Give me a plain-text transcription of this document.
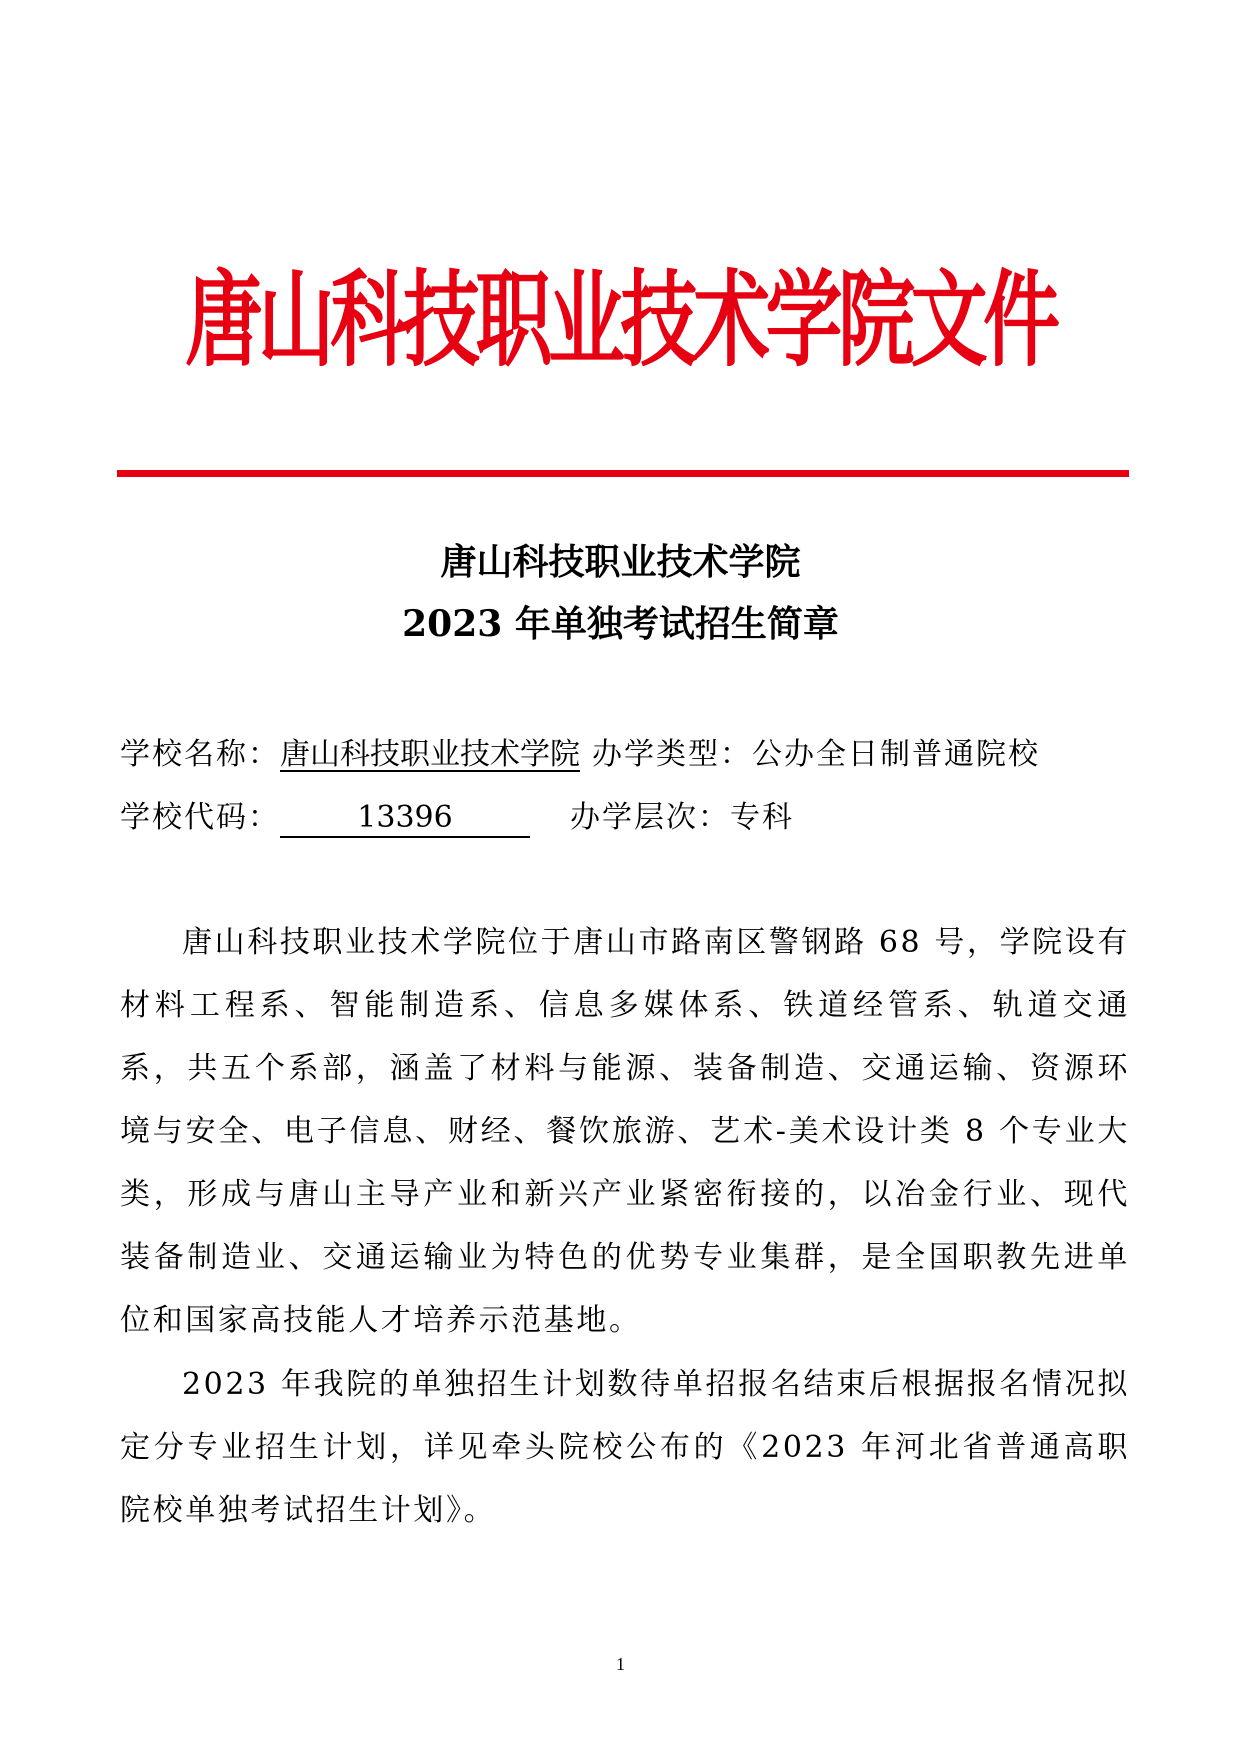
唐山科技职业技术学院文件
唐山科技职业技术学院
2023 年单独考试招生简章
学校名称：唐山科技职业技术学院 办学类型：公办全日制普通院校
学校代码：	13396	办学层次：专科

唐山科技职业技术学院位于唐山市路南区警钢路 68 号，学院设有材料工程系、智能制造系、信息多媒体系、铁道经管系、轨道交通系，共五个系部，涵盖了材料与能源、装备制造、交通运输、资源环境与安全、电子信息、财经、餐饮旅游、艺术-美术设计类 8 个专业大类，形成与唐山主导产业和新兴产业紧密衔接的，以冶金行业、现代装备制造业、交通运输业为特色的优势专业集群，是全国职教先进单位和国家高技能人才培养示范基地。

2023 年我院的单独招生计划数待单招报名结束后根据报名情况拟定分专业招生计划，详见牵头院校公布的《2023 年河北省普通高职院校单独考试招生计划》。

1
